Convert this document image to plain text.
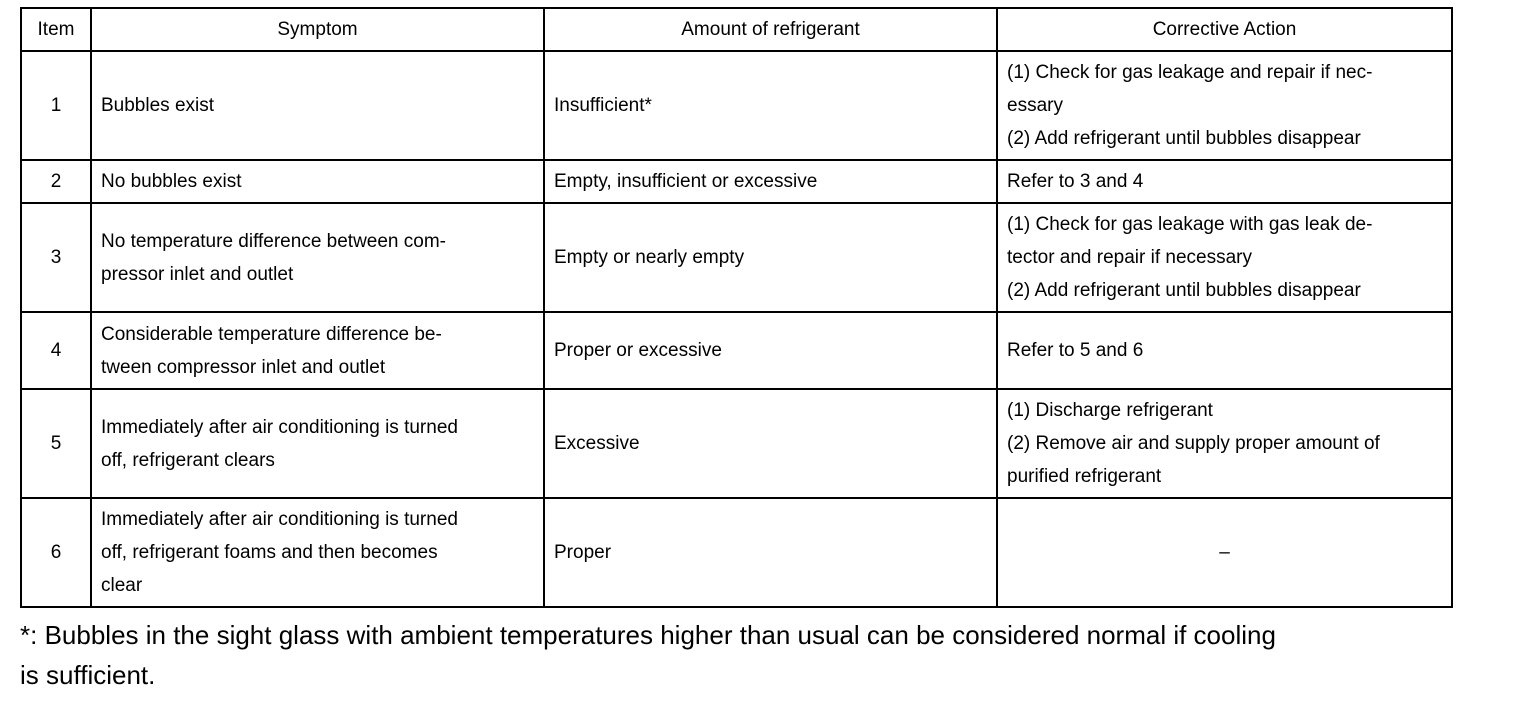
Item	Symptom	Amount of refrigerant	Corrective Action
1	Bubbles exist	Insufficient*	(1) Check for gas leakage and repair if nec-
essary
(2) Add refrigerant until bubbles disappear

2	No bubbles exist	Empty, insufficient or excessive	Refer to 3 and 4

3	No temperature difference between com-
pressor inlet and outlet	Empty or nearly empty	(1) Check for gas leakage with gas leak de-
tector and repair if necessary
(2) Add refrigerant until bubbles disappear

4	Considerable temperature difference be-
tween compressor inlet and outlet	Proper or excessive	Refer to 5 and 6

5	Immediately after air conditioning is turned
off, refrigerant clears	Excessive	(1) Discharge refrigerant
(2) Remove air and supply proper amount of
purified refrigerant

6	Immediately after air conditioning is turned
off, refrigerant foams and then becomes
clear	Proper	–
*: Bubbles in the sight glass with ambient temperatures higher than usual can be considered normal if cooling
is sufficient.
